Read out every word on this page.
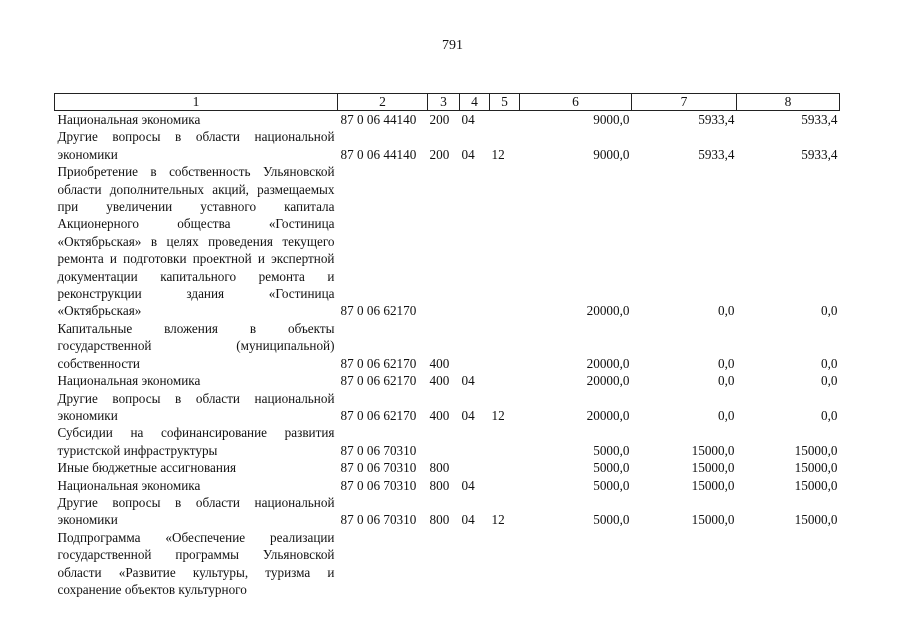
791
1	2	3	4	5	6	7	8
Национальная экономика	87 0 06 44140	200	04		9000,0	5933,4	5933,4
Другие вопросы в области национальной экономики	87 0 06 44140	200	04	12	9000,0	5933,4	5933,4
Приобретение в собственность Ульяновской области дополнительных акций, размещаемых при увеличении уставного капитала Акционерного общества «Гостиница «Октябрьская» в целях проведения текущего ремонта и подготовки проектной и экспертной документации капитального ремонта и реконструкции здания «Гостиница «Октябрьская»	87 0 06 62170				20000,0	0,0	0,0
Капитальные вложения в объекты государственной (муниципальной) собственности	87 0 06 62170	400			20000,0	0,0	0,0
Национальная экономика	87 0 06 62170	400	04		20000,0	0,0	0,0
Другие вопросы в области национальной экономики	87 0 06 62170	400	04	12	20000,0	0,0	0,0
Субсидии на софинансирование развития туристской инфраструктуры	87 0 06 70310				5000,0	15000,0	15000,0
Иные бюджетные ассигнования	87 0 06 70310	800			5000,0	15000,0	15000,0
Национальная экономика	87 0 06 70310	800	04		5000,0	15000,0	15000,0
Другие вопросы в области национальной экономики	87 0 06 70310	800	04	12	5000,0	15000,0	15000,0
Подпрограмма «Обеспечение реализации государственной программы Ульяновской области «Развитие культуры, туризма и сохранение объектов культурного							
